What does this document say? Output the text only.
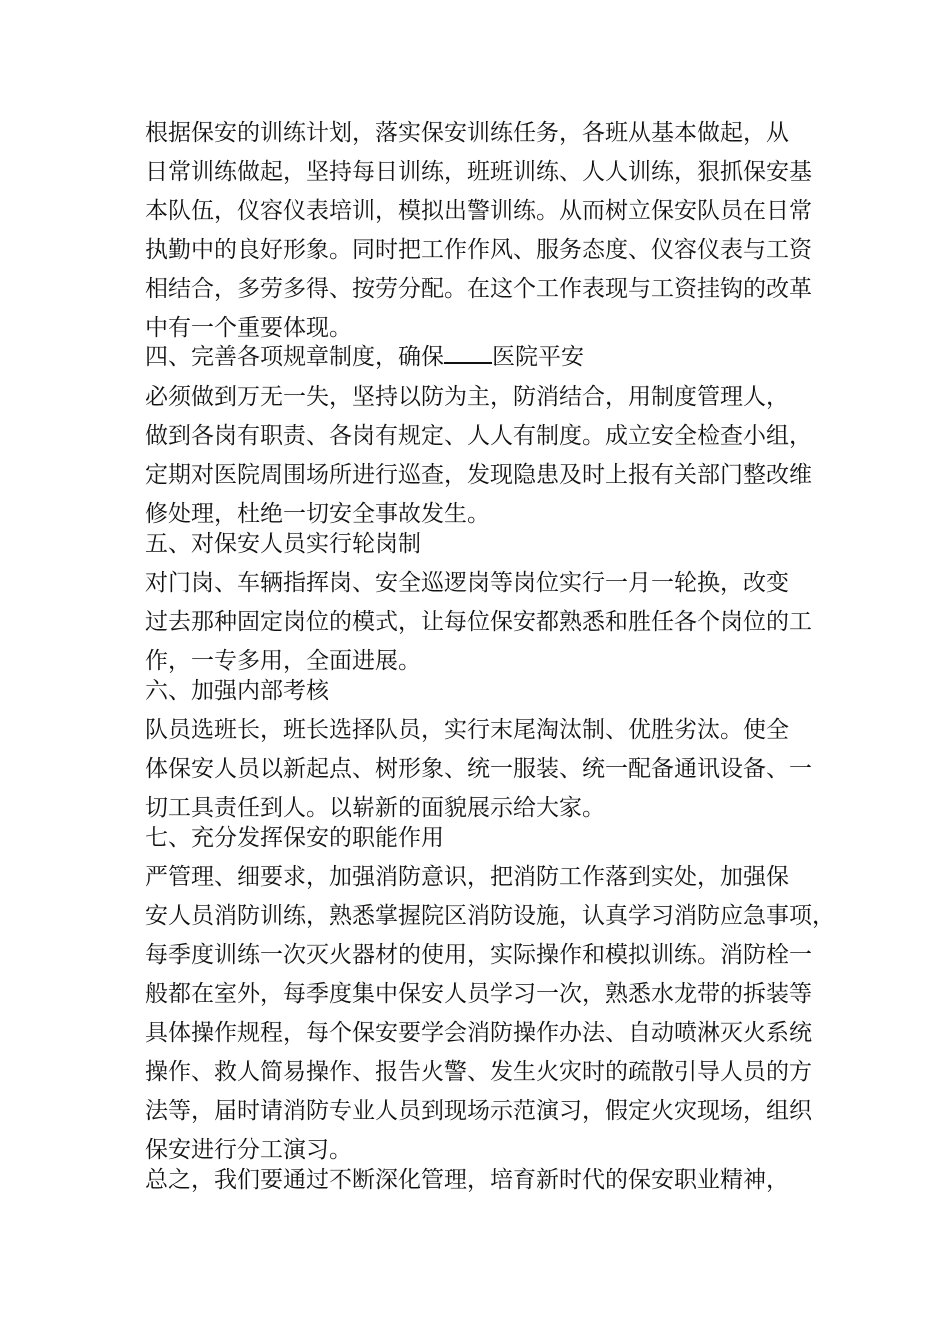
根据保安的训练计划，落实保安训练任务，各班从基本做起，从
日常训练做起，坚持每日训练，班班训练、人人训练，狠抓保安基
本队伍，仪容仪表培训，模拟出警训练。从而树立保安队员在日常
执勤中的良好形象。同时把工作作风、服务态度、仪容仪表与工资
相结合，多劳多得、按劳分配。在这个工作表现与工资挂钩的改革
中有一个重要体现。
四、完善各项规章制度，确保 医院平安
必须做到万无一失，坚持以防为主，防消结合，用制度管理人，
做到各岗有职责、各岗有规定、人人有制度。成立安全检查小组，
定期对医院周围场所进行巡查，发现隐患及时上报有关部门整改维
修处理，杜绝一切安全事故发生。
五、对保安人员实行轮岗制
对门岗、车辆指挥岗、安全巡逻岗等岗位实行一月一轮换，改变
过去那种固定岗位的模式，让每位保安都熟悉和胜任各个岗位的工
作，一专多用，全面进展。
六、加强内部考核
队员选班长，班长选择队员，实行末尾淘汰制、优胜劣汰。使全
体保安人员以新起点、树形象、统一服装、统一配备通讯设备、一
切工具责任到人。以崭新的面貌展示给大家。
七、充分发挥保安的职能作用
严管理、细要求，加强消防意识，把消防工作落到实处，加强保
安人员消防训练，熟悉掌握院区消防设施，认真学习消防应急事项，
每季度训练一次灭火器材的使用，实际操作和模拟训练。消防栓一
般都在室外，每季度集中保安人员学习一次，熟悉水龙带的拆装等
具体操作规程，每个保安要学会消防操作办法、自动喷淋灭火系统
操作、救人简易操作、报告火警、发生火灾时的疏散引导人员的方
法等，届时请消防专业人员到现场示范演习，假定火灾现场，组织
保安进行分工演习。
总之，我们要通过不断深化管理，培育新时代的保安职业精神，
